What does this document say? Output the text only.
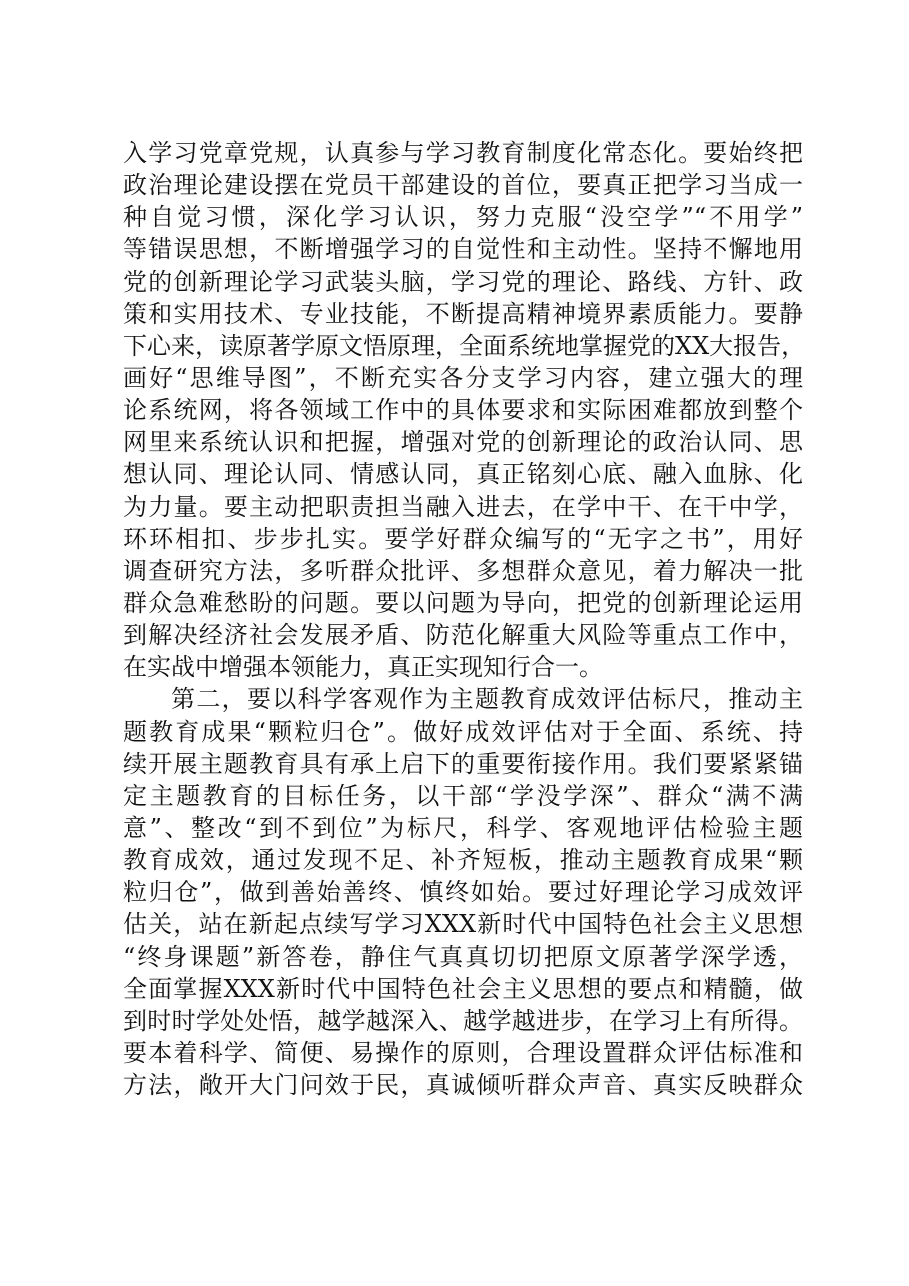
入学习党章党规，认真参与学习教育制度化常态化。要始终把
政治理论建设摆在党员干部建设的首位，要真正把学习当成一
种自觉习惯，深化学习认识，努力克服“没空学”“不用学”
等错误思想，不断增强学习的自觉性和主动性。坚持不懈地用
党的创新理论学习武装头脑，学习党的理论、路线、方针、政
策和实用技术、专业技能，不断提高精神境界素质能力。要静
下心来，读原著学原文悟原理，全面系统地掌握党的XX大报告，
画好“思维导图”，不断充实各分支学习内容，建立强大的理
论系统网，将各领域工作中的具体要求和实际困难都放到整个
网里来系统认识和把握，增强对党的创新理论的政治认同、思
想认同、理论认同、情感认同，真正铭刻心底、融入血脉、化
为力量。要主动把职责担当融入进去，在学中干、在干中学，
环环相扣、步步扎实。要学好群众编写的“无字之书”，用好
调查研究方法，多听群众批评、多想群众意见，着力解决一批
群众急难愁盼的问题。要以问题为导向，把党的创新理论运用
到解决经济社会发展矛盾、防范化解重大风险等重点工作中，
在实战中增强本领能力，真正实现知行合一。
第二，要以科学客观作为主题教育成效评估标尺，推动主
题教育成果“颗粒归仓”。做好成效评估对于全面、系统、持
续开展主题教育具有承上启下的重要衔接作用。我们要紧紧锚
定主题教育的目标任务，以干部“学没学深”、群众“满不满
意”、整改“到不到位”为标尺，科学、客观地评估检验主题
教育成效，通过发现不足、补齐短板，推动主题教育成果“颗
粒归仓”，做到善始善终、慎终如始。要过好理论学习成效评
估关，站在新起点续写学习XXX新时代中国特色社会主义思想
“终身课题”新答卷，静住气真真切切把原文原著学深学透，
全面掌握XXX新时代中国特色社会主义思想的要点和精髓，做
到时时学处处悟，越学越深入、越学越进步，在学习上有所得。
要本着科学、简便、易操作的原则，合理设置群众评估标准和
方法，敞开大门问效于民，真诚倾听群众声音、真实反映群众
